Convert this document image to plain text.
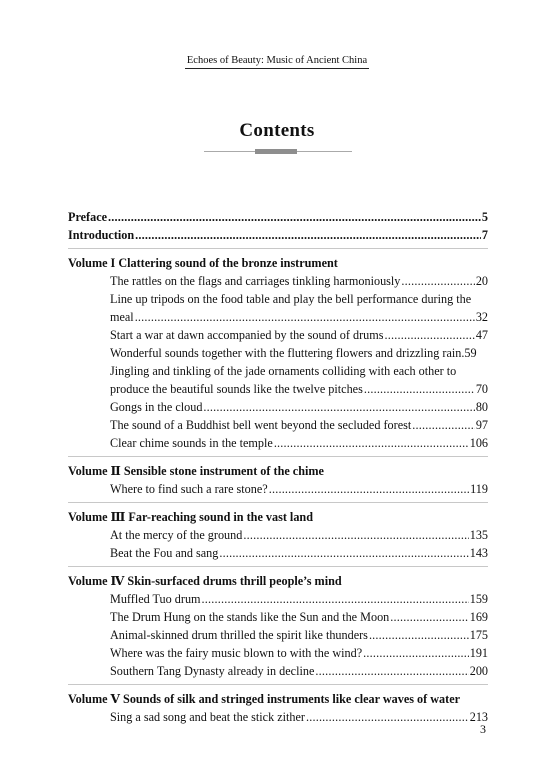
Echoes of Beauty: Music of Ancient China
Contents
Preface .....	5
Introduction .....	7
Volume I Clattering sound of the bronze instrument
The rattles on the flags and carriages tinkling harmoniously .....	20
Line up tripods on the food table and play the bell performance during the
meal .....	32
Start a war at dawn accompanied by the sound of drums .....	47
Wonderful sounds together with the fluttering flowers and drizzling rain. 59
Jingling and tinkling of the jade ornaments colliding with each other to
produce the beautiful sounds like the twelve pitches .....	70
Gongs in the cloud .....	80
The sound of a Buddhist bell went beyond the secluded forest .....	97
Clear chime sounds in the temple .....	106
Volume Ⅱ Sensible stone instrument of the chime
Where to find such a rare stone? .....	119
Volume Ⅲ Far-reaching sound in the vast land
At the mercy of the ground .....	135
Beat the Fou and sang .....	143
Volume Ⅳ Skin-surfaced drums thrill people’s mind
Muffled Tuo drum .....	159
The Drum Hung on the stands like the Sun and the Moon .....	169
Animal-skinned drum thrilled the spirit like thunders .....	175
Where was the fairy music blown to with the wind? .....	191
Southern Tang Dynasty already in decline .....	200
Volume Ⅴ Sounds of silk and stringed instruments like clear waves of water
Sing a sad song and beat the stick zither .....	213
3
